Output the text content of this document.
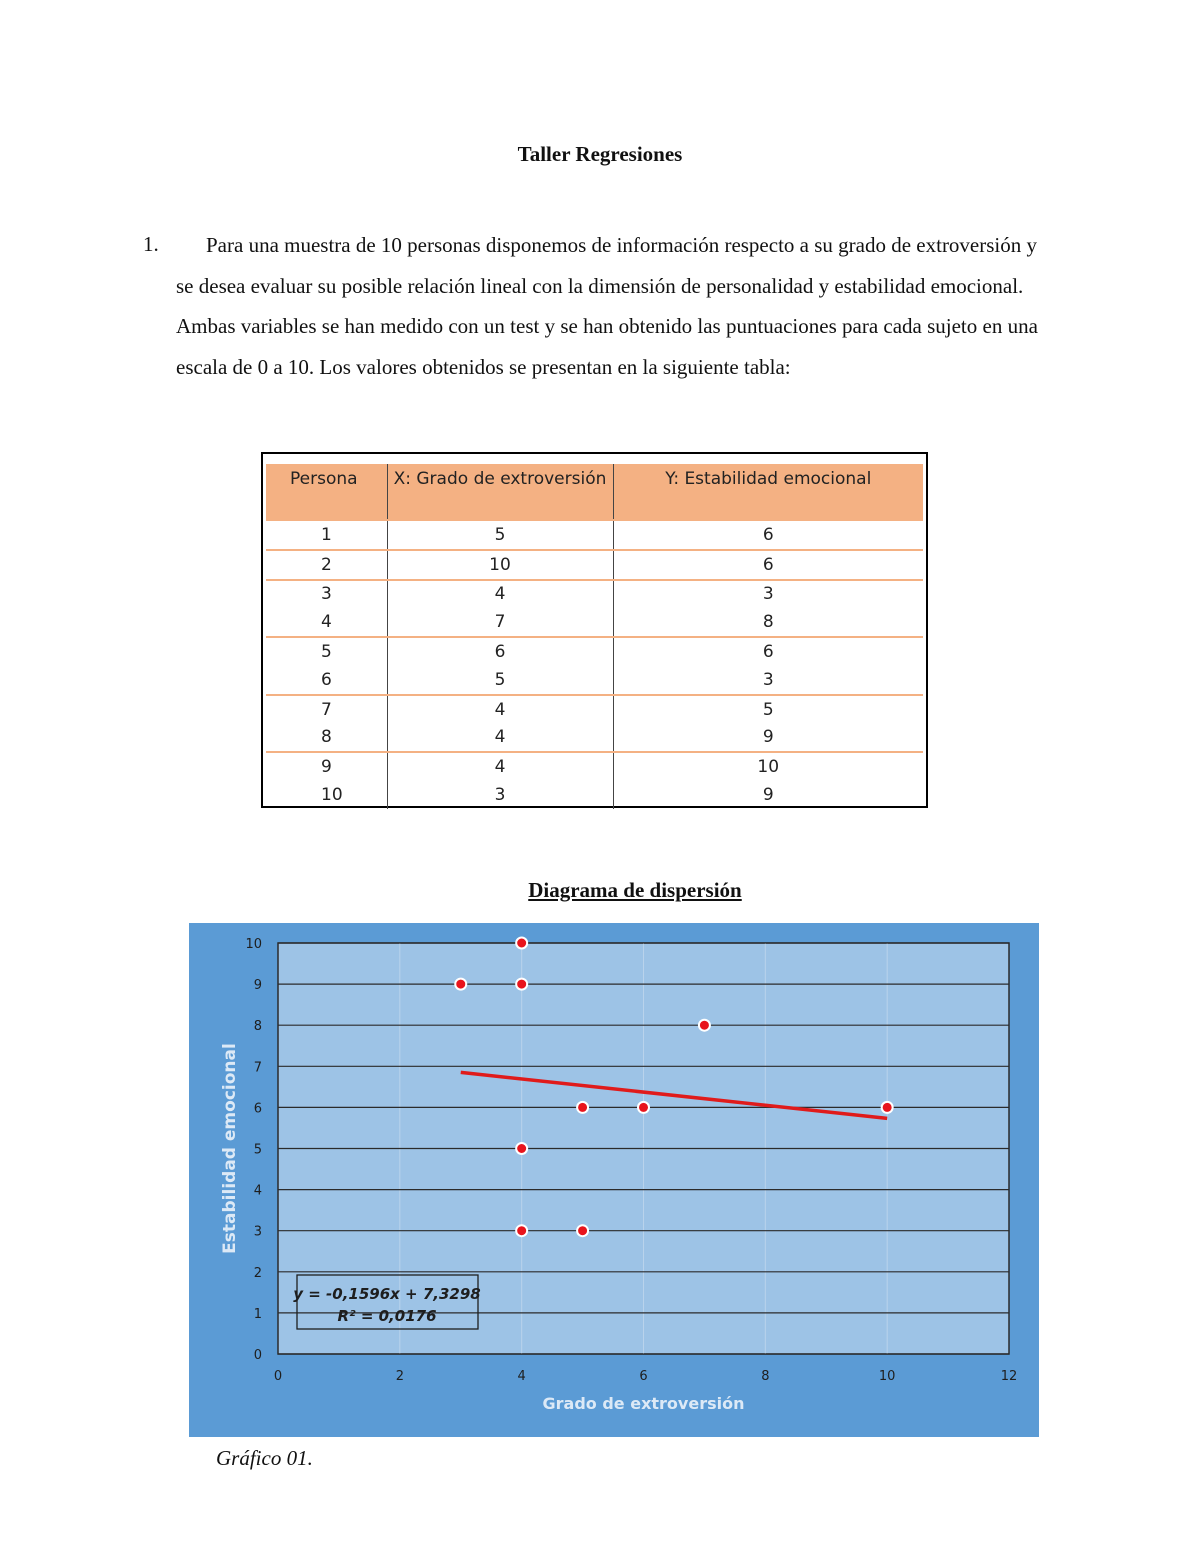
Taller Regresiones
1.	Para una muestra de 10 personas disponemos de información respecto a su grado de extroversión y se desea evaluar su posible relación lineal con la dimensión de personalidad y estabilidad emocional. Ambas variables se han medido con un test y se han obtenido las puntuaciones para cada sujeto en una escala de 0 a 10. Los valores obtenidos se presentan en la siguiente tabla:

Persona	X: Grado de extroversión	Y: Estabilidad emocional
1	5	6
2	10	6
3	4	3
4	7	8
5	6	6
6	5	3
7	4	5
8	4	9
9	4	10
10	3	9
Diagrama de dispersión
0
1
2
3
4
5
6
7
8
9
10
0	2	4	6	8	10	12
Grado de extroversión
Estabilidad emocional
y = -0,1596x + 7,3298
R² = 0,0176
Gráfico 01.
